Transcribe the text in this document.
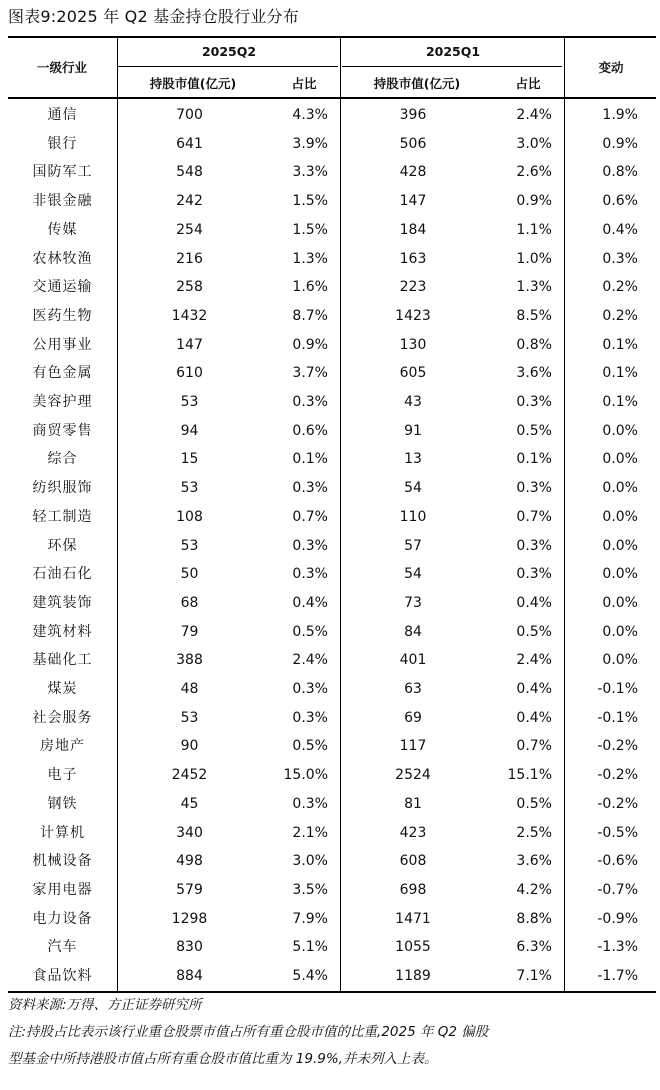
图表9:2025 年 Q2 基金持仓股行业分布
一级行业
2025Q2	2025Q1
变动
持股市值(亿元)	占比	持股市值(亿元)	占比
通信	700	4.3%	396	2.4%	1.9%
银行	641	3.9%	506	3.0%	0.9%
国防军工	548	3.3%	428	2.6%	0.8%
非银金融	242	1.5%	147	0.9%	0.6%
传媒	254	1.5%	184	1.1%	0.4%
农林牧渔	216	1.3%	163	1.0%	0.3%
交通运输	258	1.6%	223	1.3%	0.2%
医药生物	1432	8.7%	1423	8.5%	0.2%
公用事业	147	0.9%	130	0.8%	0.1%
有色金属	610	3.7%	605	3.6%	0.1%
美容护理	53	0.3%	43	0.3%	0.1%
商贸零售	94	0.6%	91	0.5%	0.0%
综合	15	0.1%	13	0.1%	0.0%
纺织服饰	53	0.3%	54	0.3%	0.0%
轻工制造	108	0.7%	110	0.7%	0.0%
环保	53	0.3%	57	0.3%	0.0%
石油石化	50	0.3%	54	0.3%	0.0%
建筑装饰	68	0.4%	73	0.4%	0.0%
建筑材料	79	0.5%	84	0.5%	0.0%
基础化工	388	2.4%	401	2.4%	0.0%
煤炭	48	0.3%	63	0.4%	-0.1%
社会服务	53	0.3%	69	0.4%	-0.1%
房地产	90	0.5%	117	0.7%	-0.2%
电子	2452	15.0%	2524	15.1%	-0.2%
钢铁	45	0.3%	81	0.5%	-0.2%
计算机	340	2.1%	423	2.5%	-0.5%
机械设备	498	3.0%	608	3.6%	-0.6%
家用电器	579	3.5%	698	4.2%	-0.7%
电力设备	1298	7.9%	1471	8.8%	-0.9%
汽车	830	5.1%	1055	6.3%	-1.3%
食品饮料	884	5.4%	1189	7.1%	-1.7%
资料来源:万得、方正证券研究所
注:持股占比表示该行业重仓股票市值占所有重仓股市值的比重,2025 年 Q2 偏股
型基金中所持港股市值占所有重仓股市值比重为 19.9%,并未列入上表。
